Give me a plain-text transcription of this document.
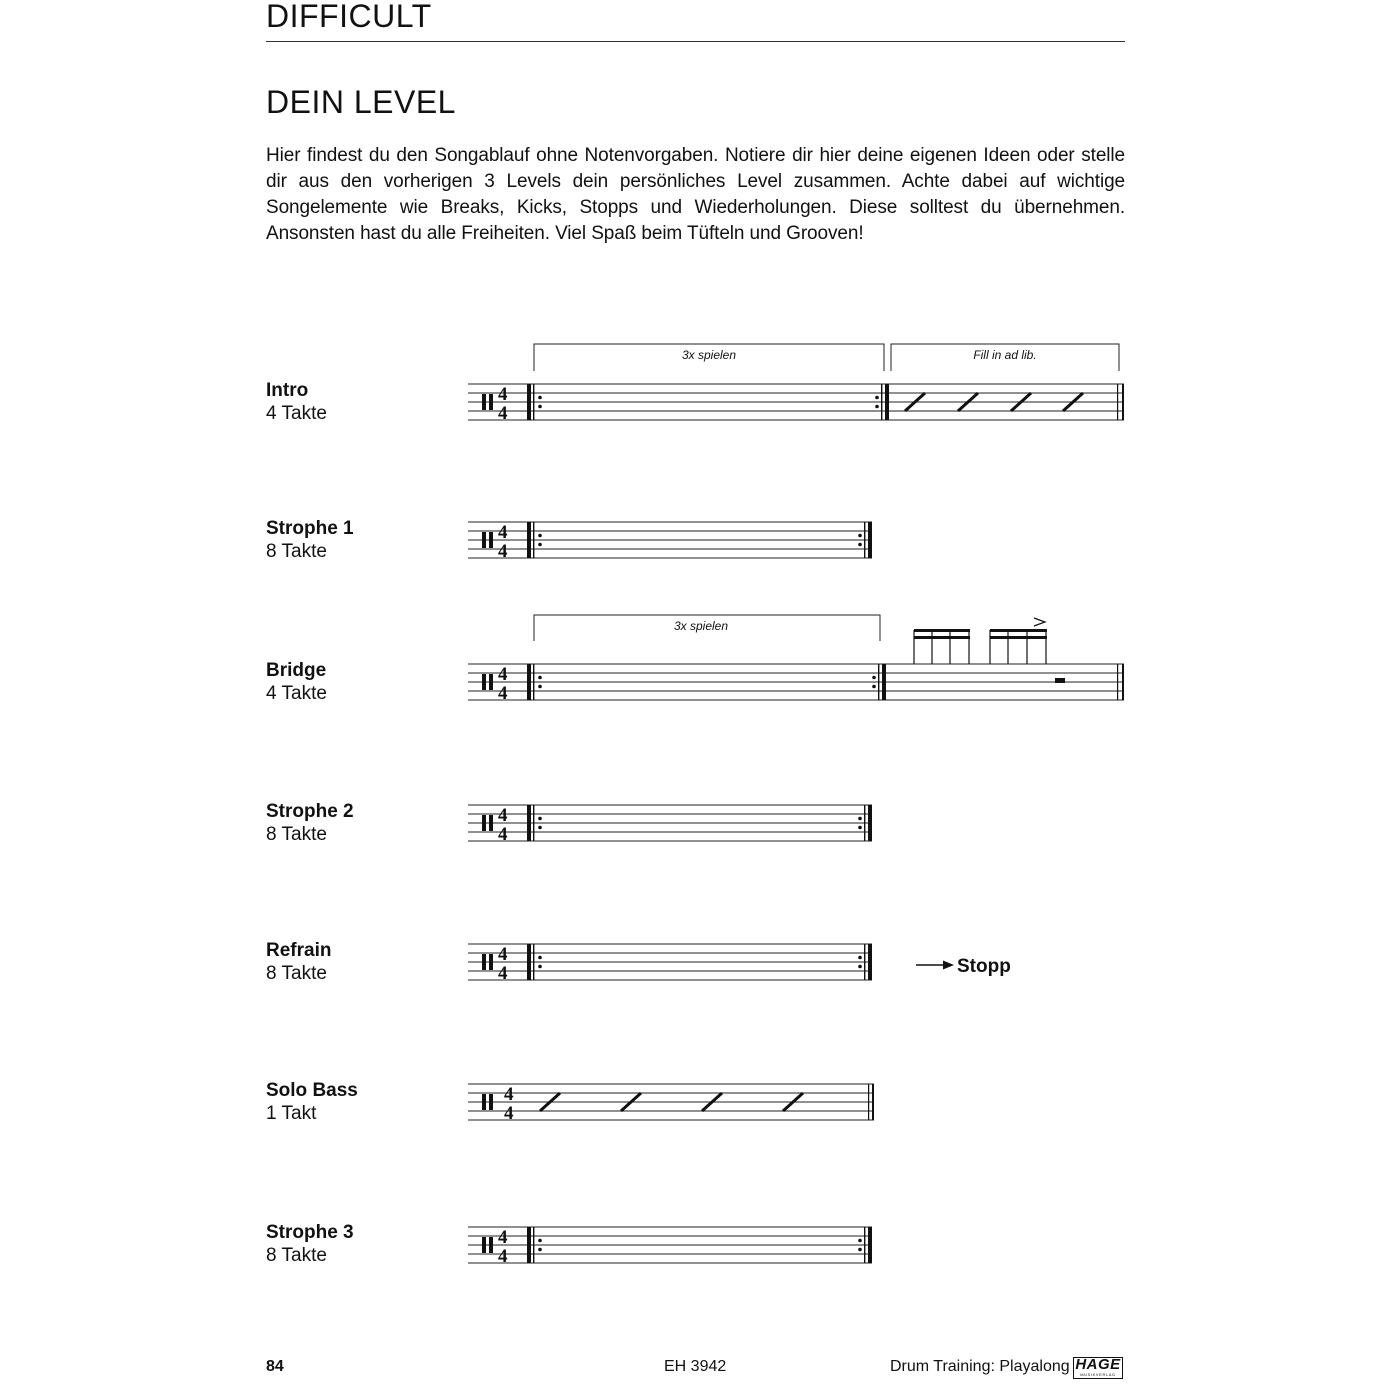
DIFFICULT
DEIN LEVEL
Hier findest du den Songablauf ohne Notenvorgaben. Notiere dir hier deine eigenen Ideen oder stelle dir aus den vorherigen 3 Levels dein persönliches Level zusammen. Achte dabei auf wichtige Songelemente wie Breaks, Kicks, Stopps und Wiederholungen. Diese solltest du übernehmen. Ansonsten hast du alle Freiheiten. Viel Spaß beim Tüfteln und Grooven!
Intro
4 Takte
Strophe 1
8 Takte
Bridge
4 Takte
Strophe 2
8 Takte
Refrain
8 Takte
Solo Bass
1 Takt
Strophe 3
8 Takte
4
4
3x spielen	Fill in ad lib.
4
4
4
4
3x spielen
4
4
4
4	Stopp
4
4
4
4
84	EH 3942	Drum Training: Playalong HAGE
MUSIKVERLAG
